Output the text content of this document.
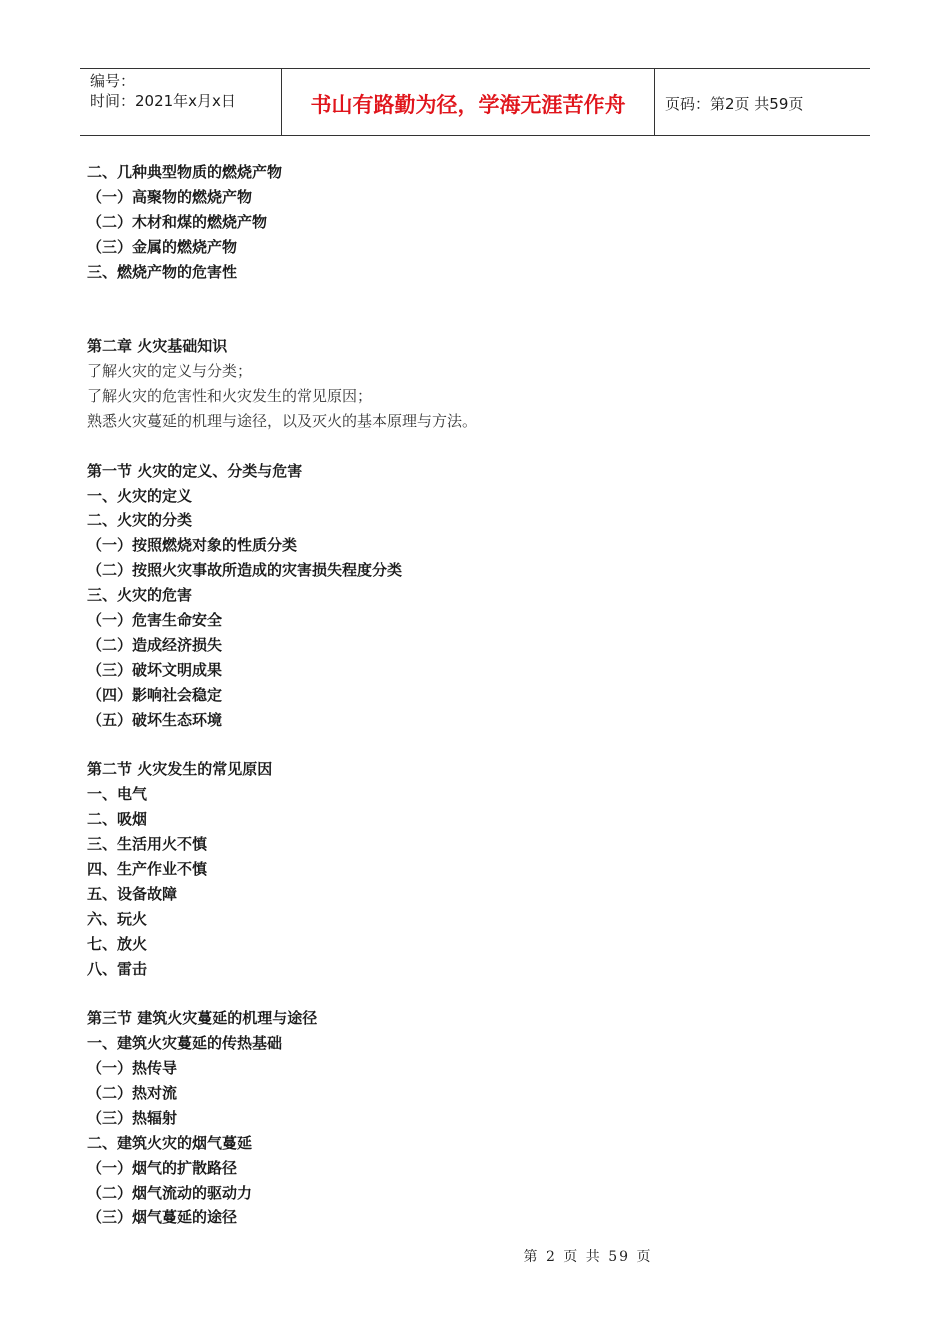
编号：
时间：2021年x月x日	书山有路勤为径，学海无涯苦作舟	页码：第2页 共59页
二、几种典型物质的燃烧产物
（一）高聚物的燃烧产物
（二）木材和煤的燃烧产物
（三）金属的燃烧产物
三、燃烧产物的危害性
第二章 火灾基础知识
了解火灾的定义与分类；
了解火灾的危害性和火灾发生的常见原因；
熟悉火灾蔓延的机理与途径，以及灭火的基本原理与方法。
第一节 火灾的定义、分类与危害
一、火灾的定义
二、火灾的分类
（一）按照燃烧对象的性质分类
（二）按照火灾事故所造成的灾害损失程度分类
三、火灾的危害
（一）危害生命安全
（二）造成经济损失
（三）破坏文明成果
（四）影响社会稳定
（五）破坏生态环境
第二节 火灾发生的常见原因
一、电气
二、吸烟
三、生活用火不慎
四、生产作业不慎
五、设备故障
六、玩火
七、放火
八、雷击
第三节 建筑火灾蔓延的机理与途径
一、建筑火灾蔓延的传热基础
（一）热传导
（二）热对流
（三）热辐射
二、建筑火灾的烟气蔓延
（一）烟气的扩散路径
（二）烟气流动的驱动力
（三）烟气蔓延的途径
第 2 页 共 59 页
